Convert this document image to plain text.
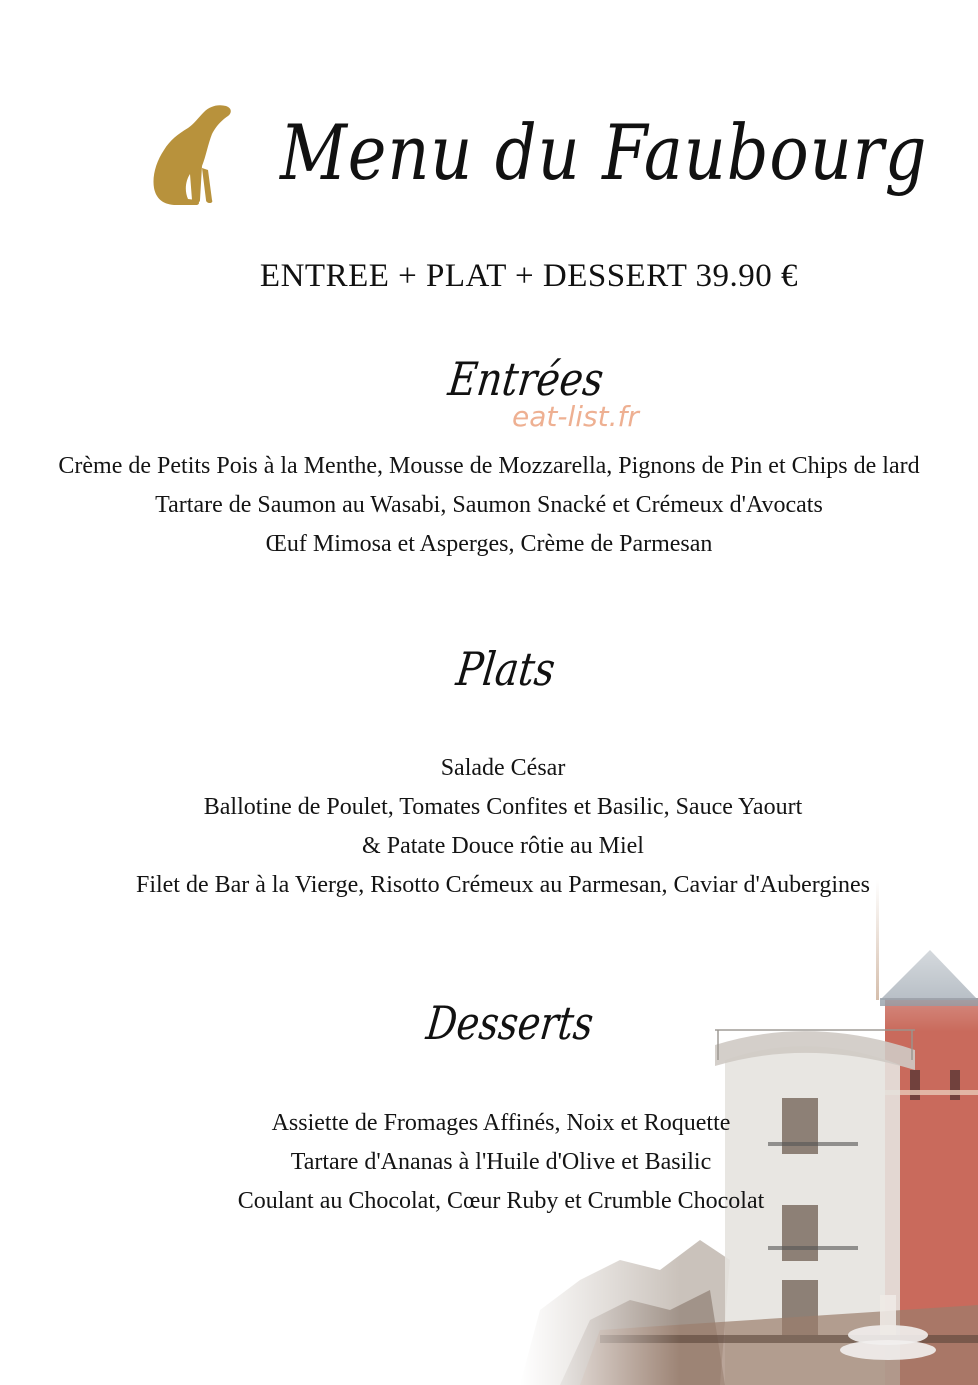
Menu du Faubourg
ENTREE + PLAT + DESSERT 39.90 €
Entrées
eat-list.fr
Crème de Petits Pois à la Menthe, Mousse de Mozzarella, Pignons de Pin et Chips de lard
Tartare de Saumon au Wasabi, Saumon Snacké et Crémeux d'Avocats
Œuf Mimosa et Asperges, Crème de Parmesan
Plats
Salade César
Ballotine de Poulet, Tomates Confites et Basilic, Sauce Yaourt
& Patate Douce rôtie au Miel
Filet de Bar à la Vierge, Risotto Crémeux au Parmesan, Caviar d'Aubergines
Desserts
Assiette de Fromages Affinés, Noix et Roquette
Tartare d'Ananas à l'Huile d'Olive et Basilic
Coulant au Chocolat, Cœur Ruby et Crumble Chocolat
